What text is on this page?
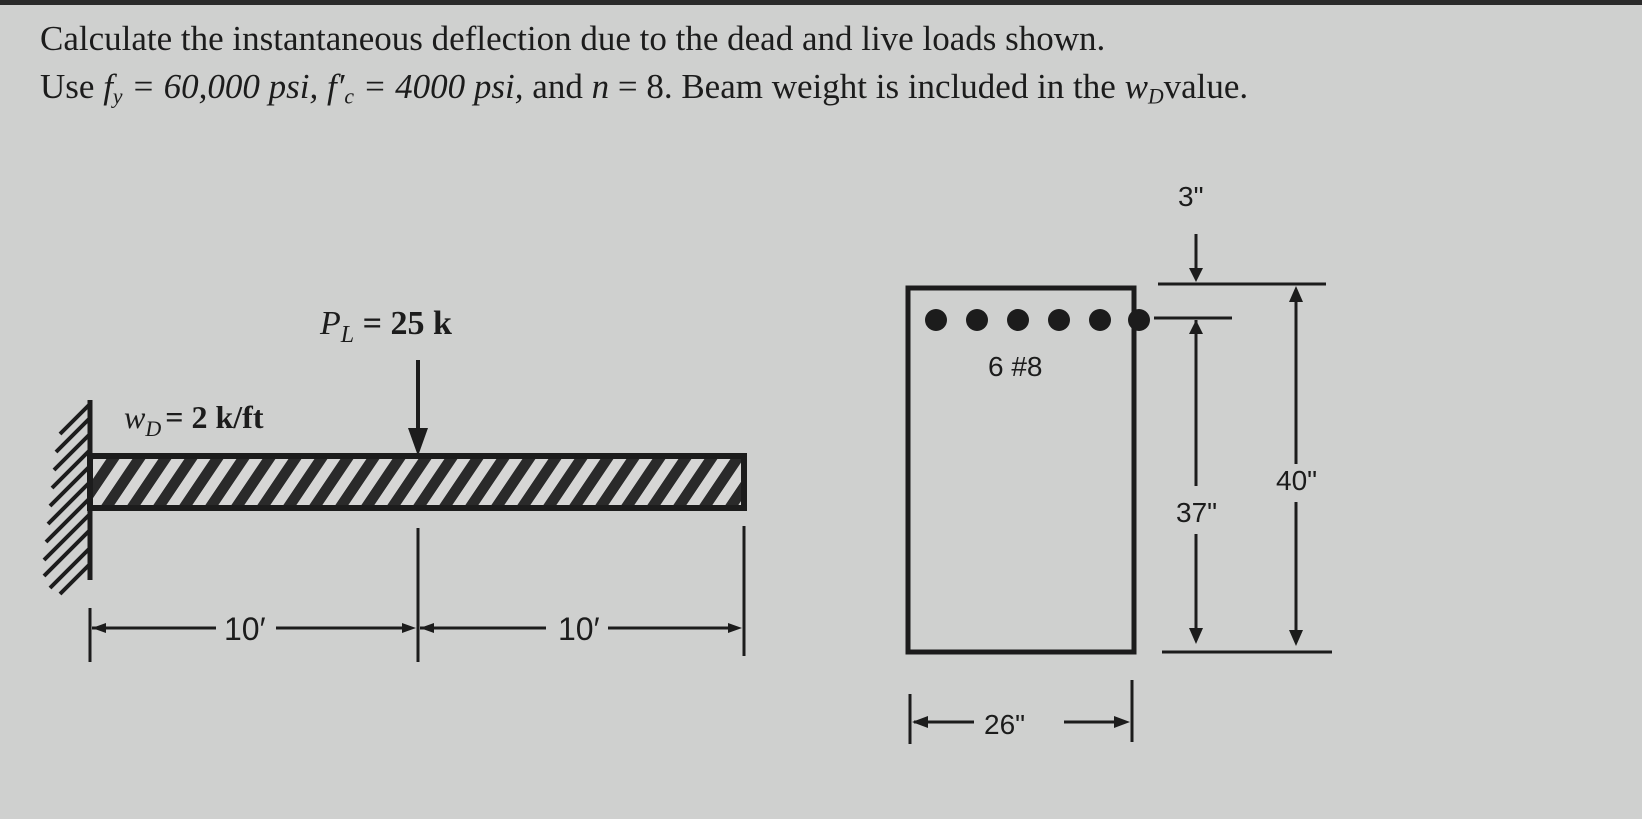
Calculate the instantaneous deflection due to the dead and live loads shown.
Use $f_y = 60,000$ psi, $f'_c = 4000$ psi, and n = 8. Beam weight is included in the $w_Dvalue$.
$P_L = 25$ k
$w_D = 2$ k/ft
10′	10′
6 #8
3"
37"
40"
26"
